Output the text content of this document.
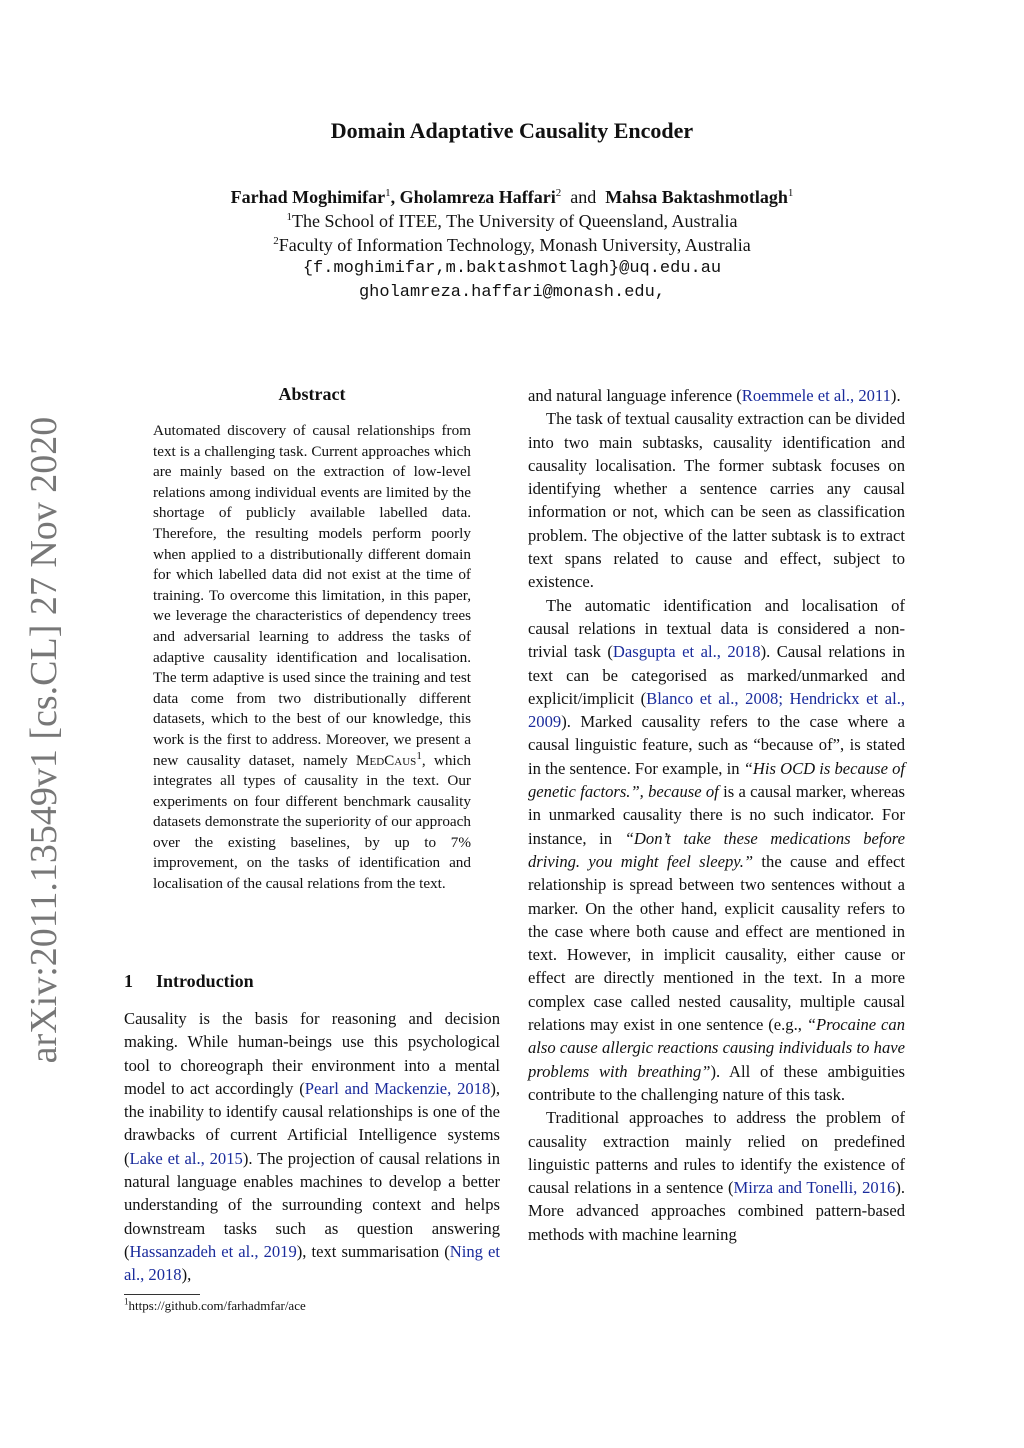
arXiv:2011.13549v1 [cs.CL] 27 Nov 2020
Domain Adaptative Causality Encoder
Farhad Moghimifar$^1$, Gholamreza Haffari$^2$ and Mahsa Baktashmotlagh$^1$
$^1$The School of ITEE, The University of Queensland, Australia
$^2$Faculty of Information Technology, Monash University, Australia
{f.moghimifar,m.baktashmotlagh}@uq.edu.au
gholamreza.haffari@monash.edu,
Abstract
Automated discovery of causal relationships from text is a challenging task. Current approaches which are mainly based on the extraction of low-level relations among individual events are limited by the shortage of publicly available labelled data. Therefore, the resulting models perform poorly when applied to a distributionally different domain for which labelled data did not exist at the time of training. To overcome this limitation, in this paper, we leverage the characteristics of dependency trees and adversarial learning to address the tasks of adaptive causality identification and localisation. The term adaptive is used since the training and test data come from two distributionally different datasets, which to the best of our knowledge, this work is the first to address. Moreover, we present a new causality dataset, namely MedCaus$^1$, which integrates all types of causality in the text. Our experiments on four different benchmark causality datasets demonstrate the superiority of our approach over the existing baselines, by up to 7% improvement, on the tasks of identification and localisation of the causal relations from the text.
1 Introduction

Causality is the basis for reasoning and decision making. While human-beings use this psychological tool to choreograph their environment into a mental model to act accordingly (Pearl and Mackenzie, 2018), the inability to identify causal relationships is one of the drawbacks of current Artificial Intelligence systems (Lake et al., 2015). The projection of causal relations in natural language enables machines to develop a better understanding of the surrounding context and helps downstream tasks such as question answering (Hassanzadeh et al., 2019), text summarisation (Ning et al., 2018),

and natural language inference (Roemmele et al., 2011).

The task of textual causality extraction can be divided into two main subtasks, causality identification and causality localisation. The former subtask focuses on identifying whether a sentence carries any causal information or not, which can be seen as classification problem. The objective of the latter subtask is to extract text spans related to cause and effect, subject to existence.

The automatic identification and localisation of causal relations in textual data is considered a non-trivial task (Dasgupta et al., 2018). Causal relations in text can be categorised as marked/unmarked and explicit/implicit (Blanco et al., 2008; Hendrickx et al., 2009). Marked causality refers to the case where a causal linguistic feature, such as “because of”, is stated in the sentence. For example, in “His OCD is because of genetic factors.”, because of is a causal marker, whereas in unmarked causality there is no such indicator. For instance, in “Don’t take these medications before driving. you might feel sleepy.” the cause and effect relationship is spread between two sentences without a marker. On the other hand, explicit causality refers to the case where both cause and effect are mentioned in text. However, in implicit causality, either cause or effect are directly mentioned in the text. In a more complex case called nested causality, multiple causal relations may exist in one sentence (e.g., “Procaine can also cause allergic reactions causing individuals to have problems with breathing”). All of these ambiguities contribute to the challenging nature of this task.

Traditional approaches to address the problem of causality extraction mainly relied on predefined linguistic patterns and rules to identify the existence of causal relations in a sentence (Mirza and Tonelli, 2016). More advanced approaches combined pattern-based methods with machine learning

$^1$https://github.com/farhadmfar/ace
